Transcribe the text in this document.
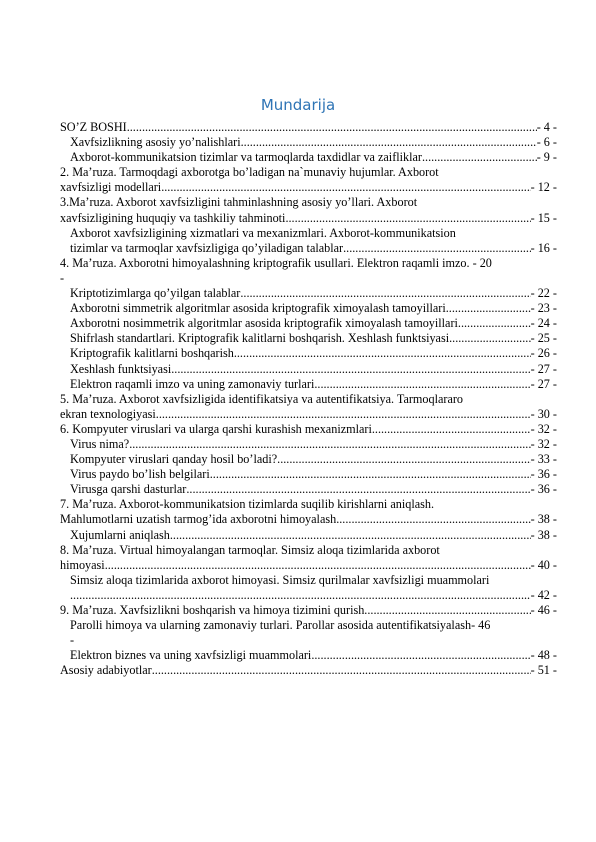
Mundarija
SO’Z BOSHI .....	- 4 -
Xavfsizlikning asosiy yo’nalishlari .....	- 6 -
Axborot-kommunikatsion tizimlar va tarmoqlarda taxdidlar va zaifliklar .....	- 9 -
2. Ma’ruza. Tarmoqdagi axborotga bo’ladigan na`munaviy hujumlar. Axborot
xavfsizligi modellari .....	- 12 -
3.Ma’ruza. Axborot xavfsizligini tahminlashning asosiy yo’llari. Axborot
xavfsizligining huquqiy va tashkiliy tahminoti .....	- 15 -
Axborot xavfsizligining xizmatlari va mexanizmlari. Axborot-kommunikatsion
tizimlar va tarmoqlar xavfsizligiga qo’yiladigan talablar .....	- 16 -
4. Ma’ruza. Axborotni himoyalashning kriptografik usullari. Elektron raqamli imzo. - 20
-
Kriptotizimlarga qo’yilgan talablar .....	- 22 -
Axborotni simmetrik algoritmlar asosida kriptografik ximoyalash tamoyillari .....	- 23 -
Axborotni nosimmetrik algoritmlar asosida kriptografik ximoyalash tamoyillari .....	- 24 -
Shifrlash standartlari. Kriptografik kalitlarni boshqarish. Xeshlash funktsiyasi .....	- 25 -
Kriptografik kalitlarni boshqarish .....	- 26 -
Xeshlash funktsiyasi .....	- 27 -
Elektron raqamli imzo va uning zamonaviy turlari .....	- 27 -
5. Ma’ruza. Axborot xavfsizligida identifikatsiya va autentifikatsiya. Tarmoqlararo
ekran texnologiyasi .....	- 30 -
6. Kompyuter viruslari va ularga qarshi kurashish mexanizmlari .....	- 32 -
Virus nima? .....	- 32 -
Kompyuter viruslari qanday hosil bo’ladi? .....	- 33 -
Virus paydo bo’lish belgilari .....	- 36 -
Virusga qarshi dasturlar .....	- 36 -
7. Ma’ruza. Axborot-kommunikatsion tizimlarda suqilib kirishlarni aniqlash.
Mahlumotlarni uzatish tarmog’ida axborotni himoyalash .....	- 38 -
Xujumlarni aniqlash .....	- 38 -
8. Ma’ruza. Virtual himoyalangan tarmoqlar. Simsiz aloqa tizimlarida axborot
himoyasi .....	- 40 -
Simsiz aloqa tizimlarida axborot himoyasi. Simsiz qurilmalar xavfsizligi muammolari
.....
- 42 -
9. Ma’ruza. Xavfsizlikni boshqarish va himoya tizimini qurish .....	- 46 -
Parolli himoya va ularning zamonaviy turlari. Parollar asosida autentifikatsiyalash- 46
-
Elektron biznes va uning xavfsizligi muammolari .....	- 48 -
Asosiy adabiyotlar .....	- 51 -
